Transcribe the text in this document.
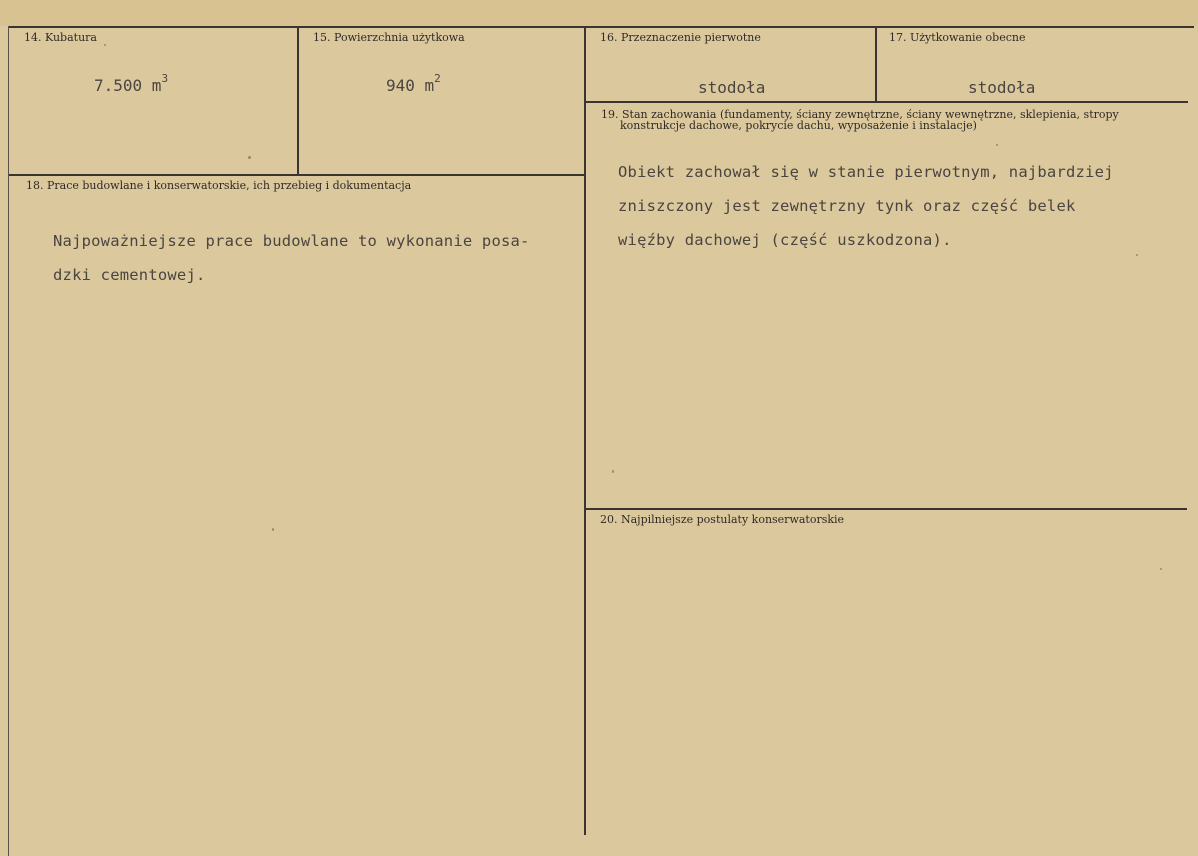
14. Kubatura
7.500 $m^3$
15. Powierzchnia użytkowa
940 $m^2$
16. Przeznaczenie pierwotne
stodoła
17. Użytkowanie obecne
stodoła
19. Stan zachowania (fundamenty, ściany zewnętrzne, ściany wewnętrzne, sklepienia, stropy
konstrukcje dachowe, pokrycie dachu, wyposażenie i instalacje)
Obiekt zachował się w stanie pierwotnym, najbardziej
zniszczony jest zewnętrzny tynk oraz część belek
więźby dachowej (część uszkodzona).
18. Prace budowlane i konserwatorskie, ich przebieg i dokumentacja
Najpoważniejsze prace budowlane to wykonanie posa-
dzki cementowej.
20. Najpilniejsze postulaty konserwatorskie
